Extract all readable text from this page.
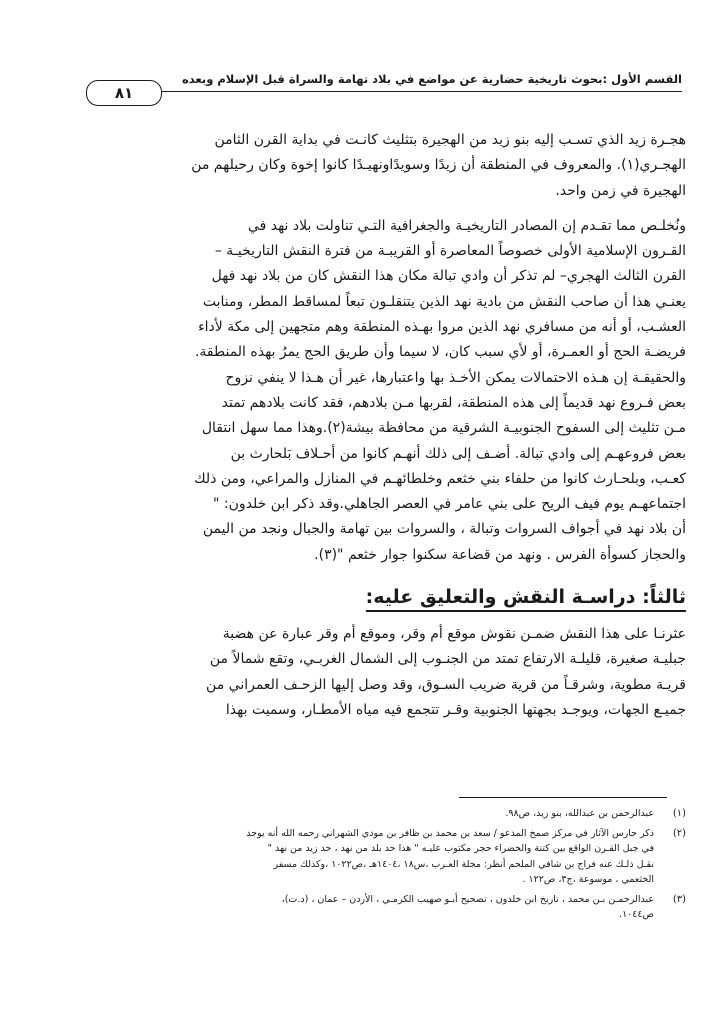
القسم الأول :بحوث تاريخية حضارية عن مواضع في بلاد تهامة والسراة قبل الإسلام وبعده
٨١
هجـرة زيد الذي تسـب إليه بنو زيد من الهجيرة بتثليث كانـت في بداية القرن الثامن
الهجـري(١). والمعروف في المنطقة أن زيدًا وسويدًاونهيـدًا كانوا إخوة وكان رحيلهم من
الهجيرة في زمن واحد.
ونُخلـص مما تقـدم إن المصادر التاريخيـة والجغرافية التـي تناولت بلاد نهد في
القـرون الإسلامية الأولى خصوصاً المعاصرة أو القريبـة من فترة النقش التاريخيـة –
القرن الثالث الهجري– لم تذكر أن وادي تبالة مكان هذا النقش كان من بلاد نهد فهل
يعنـي هذا أن صاحب النقش من بادية نهد الذين يتنقلـون تبعاً لمساقط المطر، ومنابت
العشـب، أو أنه من مسافري نهد الذين مروا بهـذه المنطقة وهم متجهين إلى مكة لأداء
فريضـة الحج أو العمـرة، أو لأي سبب كان، لا سيما وأن طريق الحج يمرُ بهذه المنطقة.
والحقيقـة إن هـذه الاحتمالات يمكن الأخـذ بها واعتبارها، غير أن هـذا لا ينفي نزوح
بعض فـروع نهد قديماً إلى هذه المنطقة، لقربها مـن بلادهم، فقد كانت بلادهم تمتد
مـن تثليث إلى السفوح الجنوبيـة الشرقية من محافظة بيشة(٢).وهذا مما سهل انتقال
بعض فروعهـم إلى وادي تبالة. أضـف إلى ذلك أنهـم كانوا من أحـلاف بَلحارث بن
كعـب، وبلحـارث كانوا من حلفاء بني خثعم وخلطائهـم في المنازل والمراعي، ومن ذلك
اجتماعهـم يوم فيف الريح على بني عامر في العصر الجاهلي.وقد ذكر ابن خلدون: "
أن بلاد نهد في أجواف السروات وتبالة ، والسروات بين تهامة والجبال ونجد من اليمن
والحجاز كسوأة الفرس . ونهد من قضاعة سكنوا جوار خثعم "(٣).
ثالثاً: دراسـة النقش والتعليق عليه:
عثرنـا على هذا النقش ضمـن نقوش موقع أم وقر، وموقع أم وقر عبارة عن هضبة
جبليـة صغيرة، قليلـة الارتفاع تمتد من الجنـوب إلى الشمال الغربـي، وتقع شمالاً من
قريـة مطوية، وشرقـاً من قرية ضريب السـوق، وقد وصل إليها الزحـف العمراني من
جميـع الجهات، ويوجـد بجهتها الجنوبية وقـر تتجمع فيه مياه الأمطـار، وسميت بهذا
(١)
عبدالرحمن بن عبدالله، بنو زيد، ص٩٨.
(٢)
ذكر حارس الآثار في مركز صمخ المدعو / سعد بن محمد بن ظافر بن مودي الشهراني رحمه الله أنه يوجد
في جبل القـرن الواقع بين كتنة والخضراء حجر مكتوب عليـه " هذا حد بلد من نهد ، حد زيد من نهد "
نقـل ذلـك عنه فراج بن شافي الملحم أنظر: مجلة العـرب ،س١٨ ،١٤٠٤هـ ،ص١٠٢٢ ،وكذلك مسفر
الخثعمي ، موسوعة ،ج٣، ص١٢٢ .
(٣)
عبدالرحمـن بـن محمد ، تاريخ ابن خلدون ، تصحيح أبـو صهيب الكرمـي ، الأردن – عمان ، (د.ت)،
ص١٠٤٤.
